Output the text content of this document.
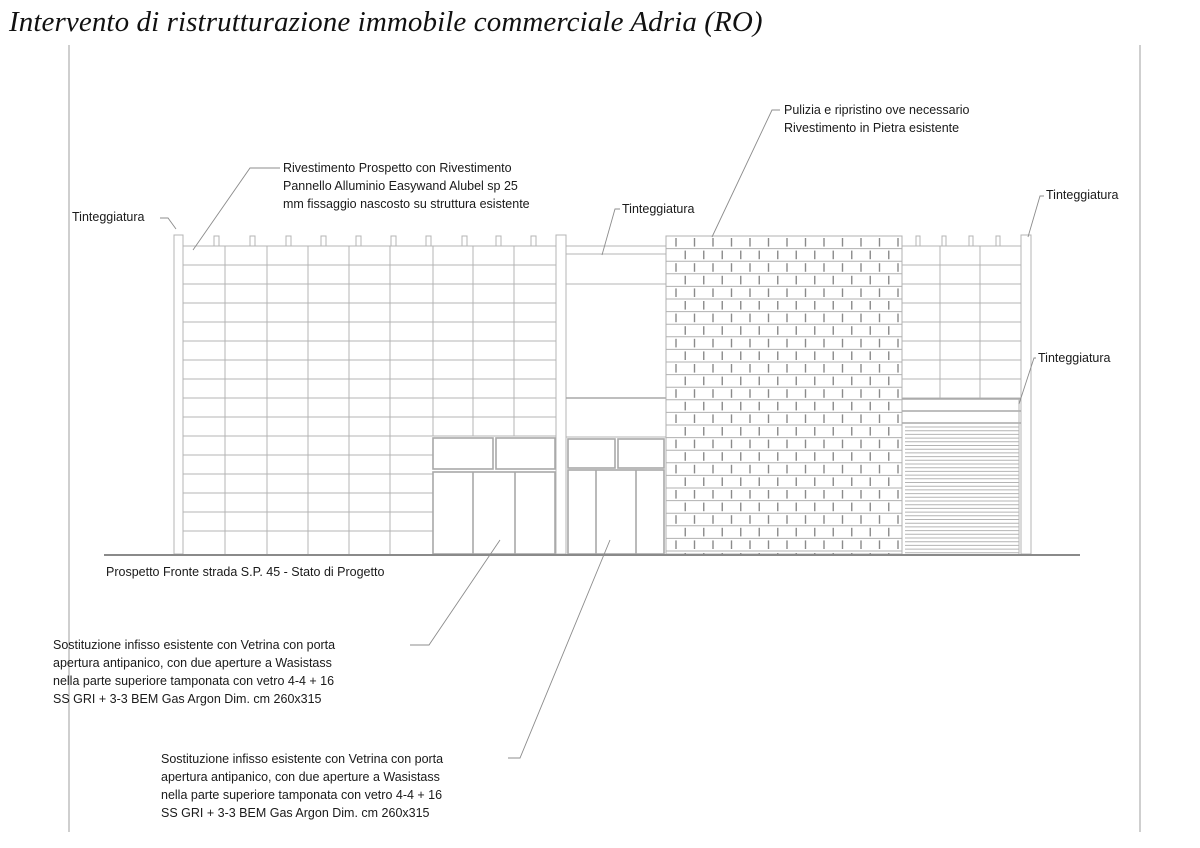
Intervento di ristrutturazione immobile commerciale Adria (RO)
Tinteggiatura
Rivestimento Prospetto con Rivestimento
Pannello Alluminio Easywand Alubel sp 25
mm fissaggio nascosto su struttura esistente	Tinteggiatura
Pulizia e ripristino ove necessario
Rivestimento in Pietra esistente
Tinteggiatura
Tinteggiatura
Prospetto Fronte strada S.P. 45 - Stato di Progetto
Sostituzione infisso esistente con Vetrina con porta
apertura antipanico, con due aperture a Wasistass
nella parte superiore tamponata con vetro 4-4 + 16
SS GRI + 3-3 BEM Gas Argon Dim. cm 260x315
Sostituzione infisso esistente con Vetrina con porta
apertura antipanico, con due aperture a Wasistass
nella parte superiore tamponata con vetro 4-4 + 16
SS GRI + 3-3 BEM Gas Argon Dim. cm 260x315
